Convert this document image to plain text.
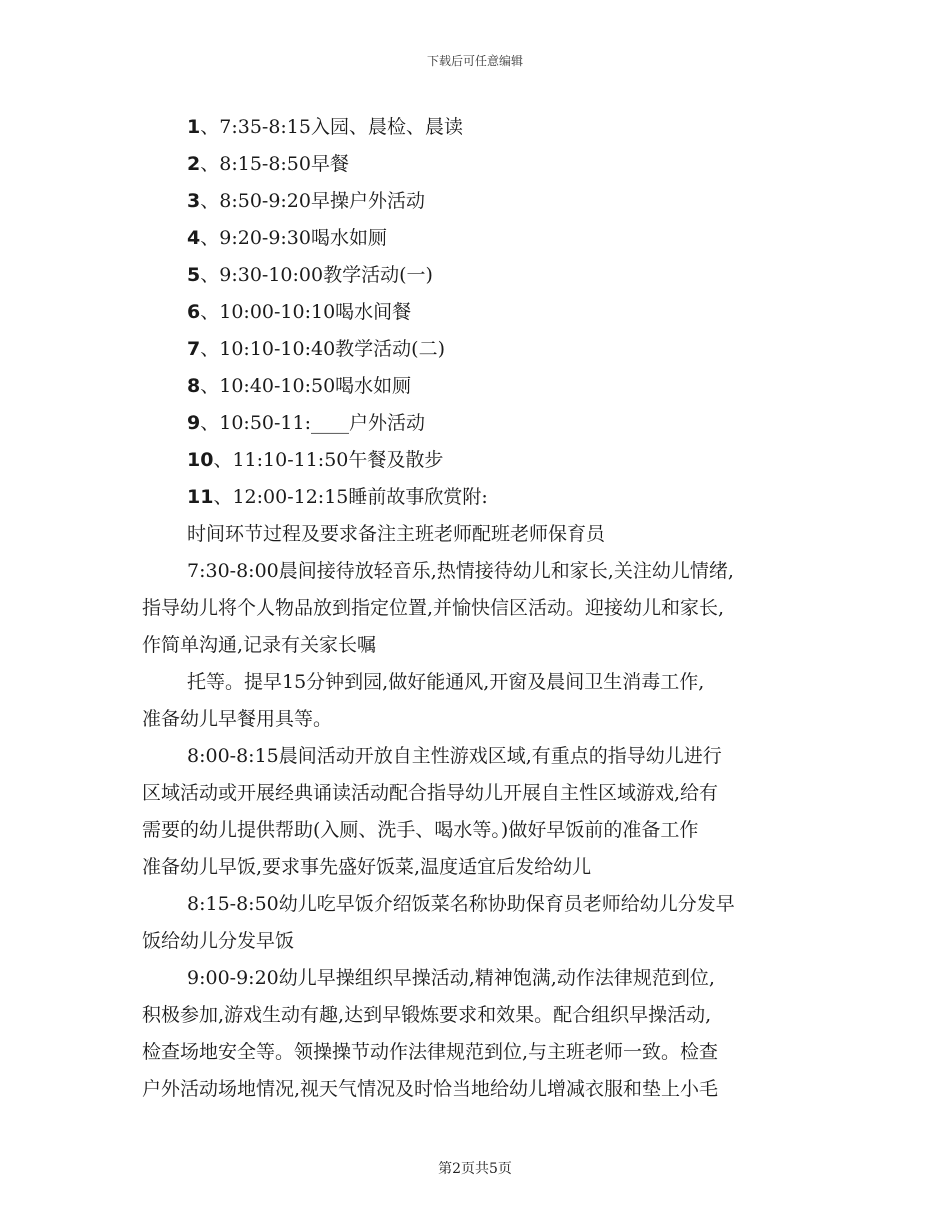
下载后可任意编辑
1、7:35-8:15入园、晨检、晨读
2、8:15-8:50早餐
3、8:50-9:20早操户外活动
4、9:20-9:30喝水如厕
5、9:30-10:00教学活动(一)
6、10:00-10:10喝水间餐
7、10:10-10:40教学活动(二)
8、10:40-10:50喝水如厕
9、10:50-11:____户外活动
10、11:10-11:50午餐及散步
11、12:00-12:15睡前故事欣赏附:
时间环节过程及要求备注主班老师配班老师保育员
7:30-8:00晨间接待放轻音乐,热情接待幼儿和家长,关注幼儿情绪,
指导幼儿将个人物品放到指定位置,并愉快信区活动。迎接幼儿和家长,
作简单沟通,记录有关家长嘱
托等。提早15分钟到园,做好能通风,开窗及晨间卫生消毒工作,
准备幼儿早餐用具等。
8:00-8:15晨间活动开放自主性游戏区域,有重点的指导幼儿进行
区域活动或开展经典诵读活动配合指导幼儿开展自主性区域游戏,给有
需要的幼儿提供帮助(入厕、洗手、喝水等。)做好早饭前的准备工作
准备幼儿早饭,要求事先盛好饭菜,温度适宜后发给幼儿
8:15-8:50幼儿吃早饭介绍饭菜名称协助保育员老师给幼儿分发早
饭给幼儿分发早饭
9:00-9:20幼儿早操组织早操活动,精神饱满,动作法律规范到位,
积极参加,游戏生动有趣,达到早锻炼要求和效果。配合组织早操活动,
检查场地安全等。领操操节动作法律规范到位,与主班老师一致。检查
户外活动场地情况,视天气情况及时恰当地给幼儿增减衣服和垫上小毛
第2页共5页
